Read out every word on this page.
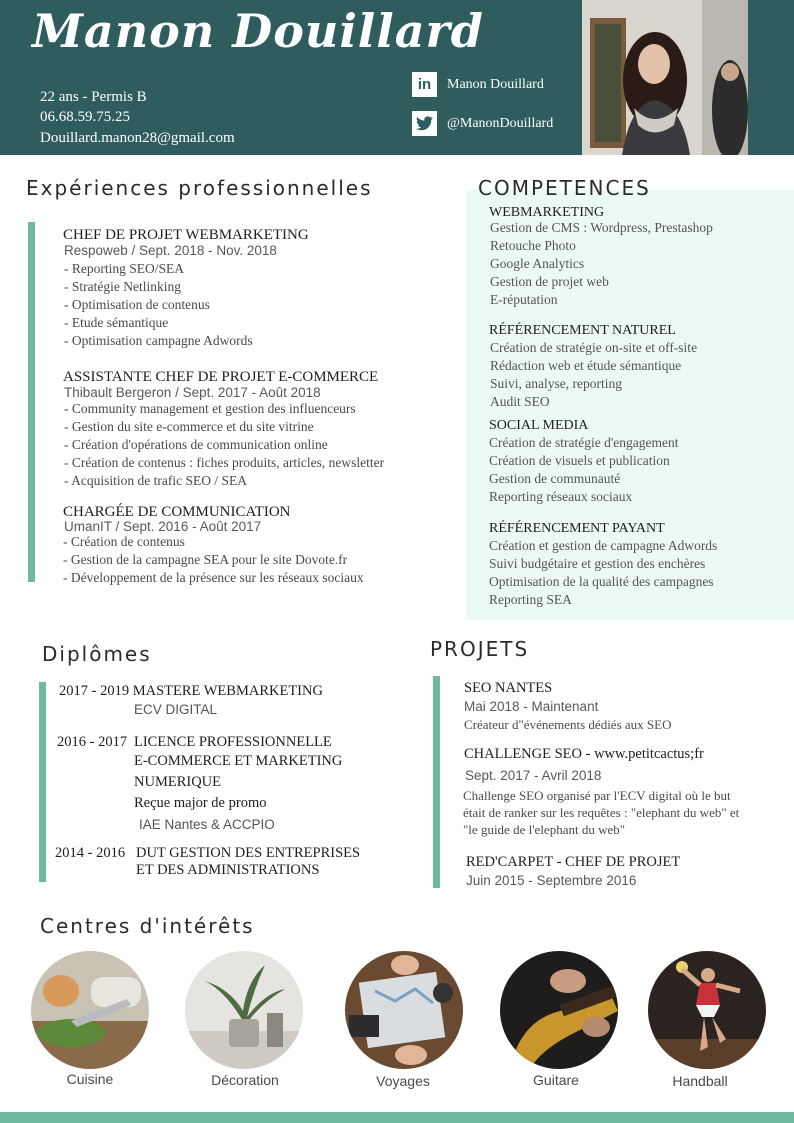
Manon Douillard
22 ans - Permis B
06.68.59.75.25
Douillard.manon28@gmail.com
in	Manon Douillard
@ManonDouillard
Expériences professionnelles
CHEF DE PROJET WEBMARKETING
Respoweb / Sept. 2018 - Nov. 2018
- Reporting SEO/SEA
- Stratégie Netlinking
- Optimisation de contenus
- Etude sémantique
- Optimisation campagne Adwords
ASSISTANTE CHEF DE PROJET E-COMMERCE
Thibault Bergeron / Sept. 2017 - Août 2018
- Community management et gestion des influenceurs
- Gestion du site e-commerce et du site vitrine
- Création d'opérations de communication online
- Création de contenus : fiches produits, articles, newsletter
- Acquisition de trafic SEO / SEA
CHARGÉE DE COMMUNICATION
UmanIT / Sept. 2016 - Août 2017
- Création de contenus
- Gestion de la campagne SEA pour le site Dovote.fr
- Développement de la présence sur les réseaux sociaux
COMPETENCES
WEBMARKETING
Gestion de CMS : Wordpress, Prestashop
Retouche Photo
Google Analytics
Gestion de projet web
E-réputation
RÉFÉRENCEMENT NATUREL
Création de stratégie on-site et off-site
Rédaction web et étude sémantique
Suivi, analyse, reporting
Audit SEO
SOCIAL MEDIA
Création de stratégie d'engagement
Création de visuels et publication
Gestion de communauté
Reporting réseaux sociaux
RÉFÉRENCEMENT PAYANT
Création et gestion de campagne Adwords
Suivi budgétaire et gestion des enchères
Optimisation de la qualité des campagnes
Reporting SEA
Diplômes
2017 - 2019 MASTERE WEBMARKETING
ECV DIGITAL
2016 - 2017 LICENCE PROFESSIONNELLE
E-COMMERCE ET MARKETING
NUMERIQUE
Reçue major de promo
IAE Nantes & ACCPIO
2014 - 2016 DUT GESTION DES ENTREPRISES
ET DES ADMINISTRATIONS
PROJETS
SEO NANTES
Mai 2018 - Maintenant
Créateur d"événements dédiés aux SEO
CHALLENGE SEO - www.petitcactus;fr
Sept. 2017 - Avril 2018
Challenge SEO organisé par l'ECV digital où le but
était de ranker sur les requêtes : "elephant du web" et
"le guide de l'elephant du web"
RED'CARPET - CHEF DE PROJET
Juin 2015 - Septembre 2016
Centres d'intérêts
Cuisine	Décoration	Voyages	Guitare	Handball
